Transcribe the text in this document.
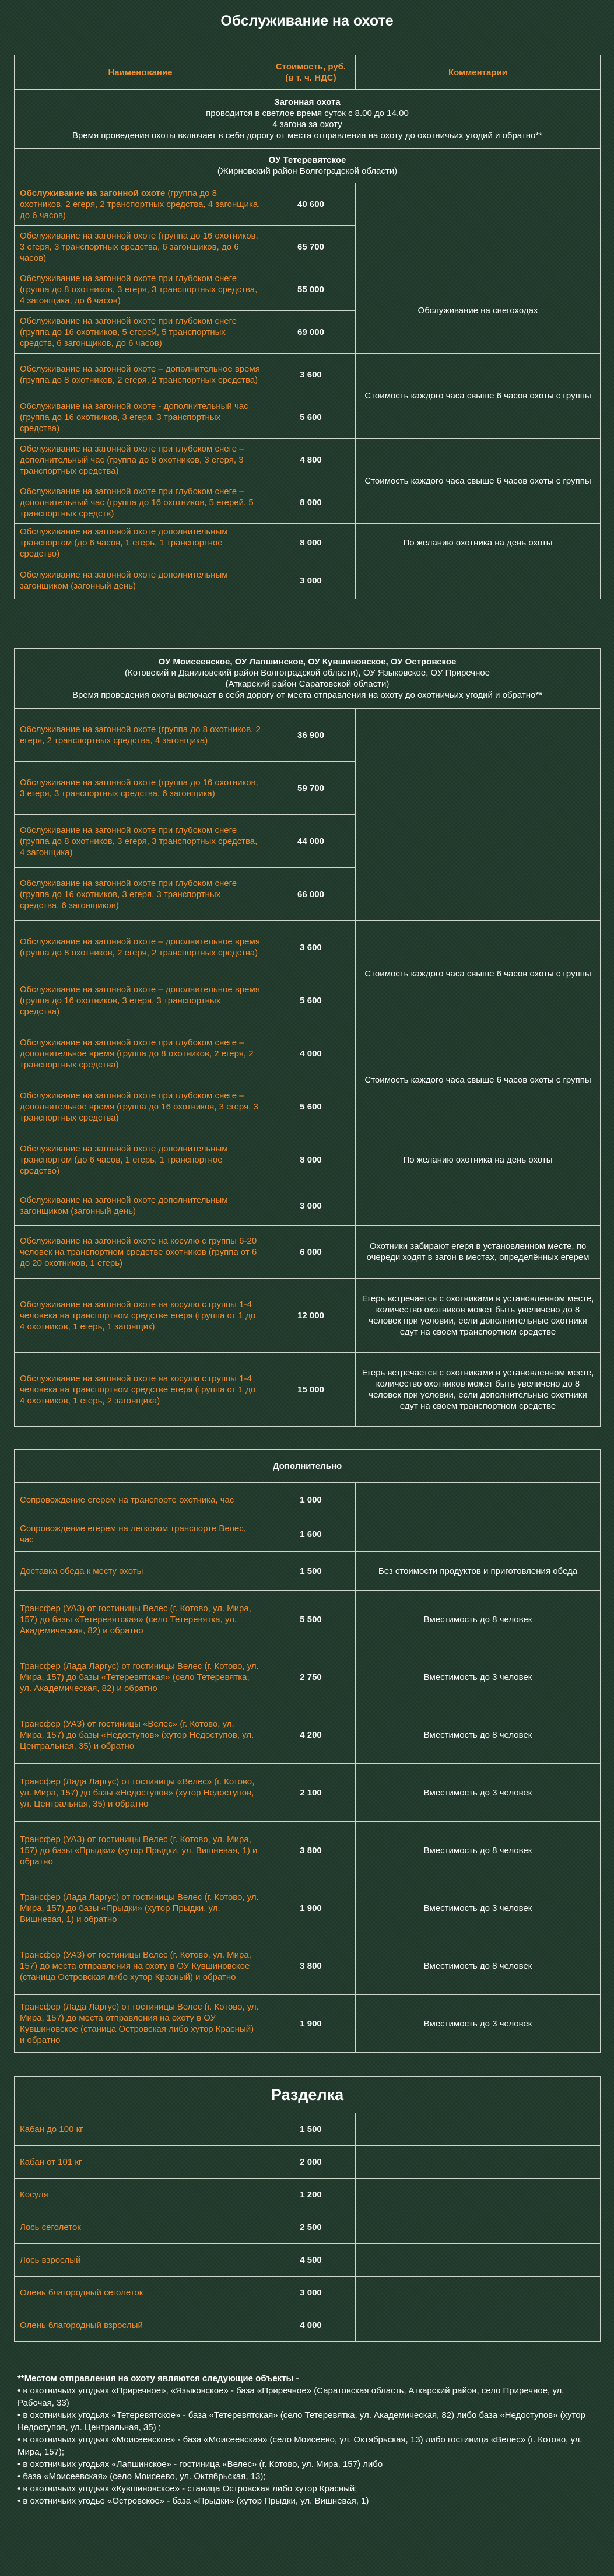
Обслуживание на охоте
Наименование	Стоимость, руб. (в т. ч. НДС)	Комментарии

Загонная охота
проводится в светлое время суток с 8.00 до 14.00
4 загона за охоту
Время проведения охоты включает в себя дорогу от места отправления на охоту до охотничьих угодий и обратно**		

ОУ Тетеревятское
(Жирновский район Волгоградской области)		

Обслуживание на загонной охоте (группа до 8 охотников, 2 егеря, 2 транспортных средства, 4 загонщика, до 6 часов)	40 600	
Обслуживание на загонной охоте (группа до 16 охотников, 3 егеря, 3 транспортных средства, 6 загонщиков, до 6 часов)	65 700	
Обслуживание на загонной охоте при глубоком снеге (группа до 8 охотников, 3 егеря, 3 транспортных средства, 4 загонщика, до 6 часов)	55 000	Обслуживание на снегоходах
Обслуживание на загонной охоте при глубоком снеге (группа до 16 охотников, 5 егерей, 5 транспортных средств, 6 загонщиков, до 6 часов)	69 000	
Обслуживание на загонной охоте – дополнительное время (группа до 8 охотников, 2 егеря, 2 транспортных средства)	3 600	Стоимость каждого часа свыше 6 часов охоты с группы
Обслуживание на загонной охоте - дополнительный час (группа до 16 охотников, 3 егеря, 3 транспортных средства)	5 600	
Обслуживание на загонной охоте при глубоком снеге – дополнительный час (группа до 8 охотников, 3 егеря, 3 транспортных средства)	4 800	Стоимость каждого часа свыше 6 часов охоты с группы
Обслуживание на загонной охоте при глубоком снеге – дополнительный час (группа до 16 охотников, 5 егерей, 5 транспортных средств)	8 000	
Обслуживание на загонной охоте дополнительным транспортом (до 6 часов, 1 егерь, 1 транспортное средство)	8 000	По желанию охотника на день охоты
Обслуживание на загонной охоте дополнительным загонщиком (загонный день)	3 000	
ОУ Моисеевское, ОУ Лапшинское, ОУ Кувшиновское, ОУ Островское
(Котовский и Даниловский район Волгоградской области), ОУ Языковское, ОУ Приречное
(Аткарский район Саратовской области)
Время проведения охоты включает в себя дорогу от места отправления на охоту до охотничьих угодий и обратно**		

Обслуживание на загонной охоте (группа до 8 охотников, 2 егеря, 2 транспортных средства, 4 загонщика)	36 900	
Обслуживание на загонной охоте (группа до 16 охотников, 3 егеря, 3 транспортных средства, 6 загонщика)	59 700	
Обслуживание на загонной охоте при глубоком снеге (группа до 8 охотников, 3 егеря, 3 транспортных средства, 4 загонщика)	44 000	
Обслуживание на загонной охоте при глубоком снеге (группа до 16 охотников, 3 егеря, 3 транспортных средства, 6 загонщиков)	66 000	
Обслуживание на загонной охоте – дополнительное время (группа до 8 охотников, 2 егеря, 2 транспортных средства)	3 600	Стоимость каждого часа свыше 6 часов охоты с группы
Обслуживание на загонной охоте – дополнительное время (группа до 16 охотников, 3 егеря, 3 транспортных средства)	5 600	
Обслуживание на загонной охоте при глубоком снеге – дополнительное время (группа до 8 охотников, 2 егеря, 2 транспортных средства)	4 000	Стоимость каждого часа свыше 6 часов охоты с группы
Обслуживание на загонной охоте при глубоком снеге – дополнительное время (группа до 16 охотников, 3 егеря, 3 транспортных средства)	5 600	
Обслуживание на загонной охоте дополнительным транспортом (до 6 часов, 1 егерь, 1 транспортное средство)	8 000	По желанию охотника на день охоты
Обслуживание на загонной охоте дополнительным загонщиком (загонный день)	3 000	
Обслуживание на загонной охоте на косулю с группы 6-20 человек на транспортном средстве охотников (группа от 6 до 20 охотников, 1 егерь)	6 000	Охотники забирают егеря в установленном месте, по очереди ходят в загон в местах, определённых егерем
Обслуживание на загонной охоте на косулю с группы 1-4 человека на транспортном средстве егеря (группа от 1 до 4 охотников, 1 егерь, 1 загонщик)	12 000	Егерь встречается с охотниками в установленном месте, количество охотников может быть увеличено до 8 человек при условии, если дополнительные охотники едут на своем транспортном средстве
Обслуживание на загонной охоте на косулю с группы 1-4 человека на транспортном средстве егеря (группа от 1 до 4 охотников, 1 егерь, 2 загонщика)	15 000	Егерь встречается с охотниками в установленном месте, количество охотников может быть увеличено до 8 человек при условии, если дополнительные охотники едут на своем транспортном средстве
Дополнительно		
Сопровождение егерем на транспорте охотника, час	1 000	
Сопровождение егерем на легковом транспорте Велес, час	1 600	
Доставка обеда к месту охоты	1 500	Без стоимости продуктов и приготовления обеда
Трансфер (УАЗ) от гостиницы Велес (г. Котово, ул. Мира, 157) до базы «Тетеревятская» (село Тетеревятка, ул. Академическая, 82) и обратно	5 500	Вместимость до 8 человек
Трансфер (Лада Ларгус) от гостиницы Велес (г. Котово, ул. Мира, 157) до базы «Тетеревятская» (село Тетеревятка, ул. Академическая, 82) и обратно	2 750	Вместимость до 3 человек
Трансфер (УАЗ) от гостиницы «Велес» (г. Котово, ул. Мира, 157) до базы «Недоступов» (хутор Недоступов, ул. Центральная, 35) и обратно	4 200	Вместимость до 8 человек
Трансфер (Лада Ларгус) от гостиницы «Велес» (г. Котово, ул. Мира, 157) до базы «Недоступов» (хутор Недоступов, ул. Центральная, 35) и обратно	2 100	Вместимость до 3 человек
Трансфер (УАЗ) от гостиницы Велес (г. Котово, ул. Мира, 157) до базы «Прыдки» (хутор Прыдки, ул. Вишневая, 1) и обратно	3 800	Вместимость до 8 человек
Трансфер (Лада Ларгус) от гостиницы Велес (г. Котово, ул. Мира, 157) до базы «Прыдки» (хутор Прыдки, ул. Вишневая, 1) и обратно	1 900	Вместимость до 3 человек
Трансфер (УАЗ) от гостиницы Велес (г. Котово, ул. Мира, 157) до места отправления на охоту в ОУ Кувшиновское (станица Островская либо хутор Красный) и обратно	3 800	Вместимость до 8 человек
Трансфер (Лада Ларгус) от гостиницы Велес (г. Котово, ул. Мира, 157) до места отправления на охоту в ОУ Кувшиновское (станица Островская либо хутор Красный) и обратно	1 900	Вместимость до 3 человек
Разделка		
Кабан до 100 кг	1 500	
Кабан от 101 кг	2 000	
Косуля	1 200	
Лось сеголеток	2 500	
Лось взрослый	4 500	
Олень благородный сеголеток	3 000	
Олень благородный взрослый	4 000	
**Местом отправления на охоту являются следующие объекты -
• в охотничьих угодьях «Приречное», «Языковское» - база «Приречное» (Саратовская область, Аткарский район, село Приречное, ул. Рабочая, 33)
• в охотничьих угодьях «Тетеревятское» - база «Тетеревятская» (село Тетеревятка, ул. Академическая, 82) либо база «Недоступов» (хутор Недоступов, ул. Центральная, 35) ;
• в охотничьих угодьях «Моисеевское» - база «Моисеевская» (село Моисеево, ул. Октябрьская, 13) либо гостиница «Велес» (г. Котово, ул. Мира, 157);
• в охотничьих угодьях «Лапшинское» - гостиница «Велес» (г. Котово, ул. Мира, 157) либо
• база «Моисеевская» (село Моисеево, ул. Октябрьская, 13);
• в охотничьих угодьях «Кувшиновское» - станица Островская либо хутор Красный;
• в охотничьих угодье «Островское» - база «Прыдки» (хутор Прыдки, ул. Вишневая, 1)
